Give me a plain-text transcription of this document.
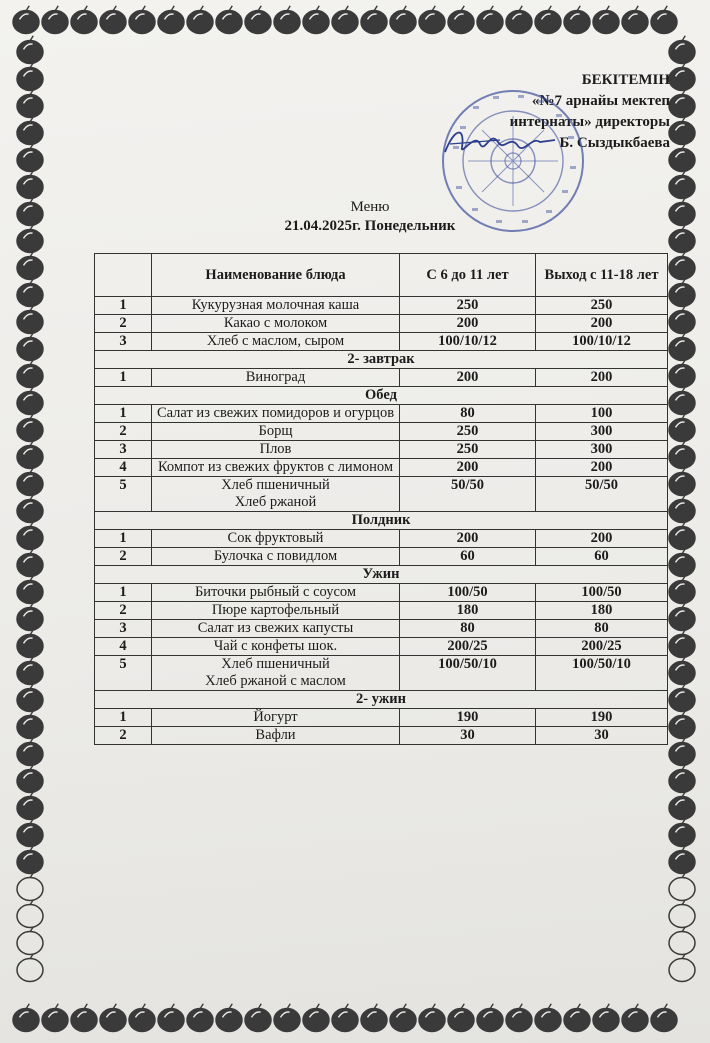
БЕКІТЕМІН
«№7 арнайы мектеп
интернаты» директоры
Б. Сыздыкбаева
Меню
21.04.2025г. Понедельник
	Наименование блюда	С 6 до 11 лет	Выход с 11-18 лет
1	Кукурузная молочная каша	250	250
2	Какао с молоком	200	200
3	Хлеб с маслом, сыром	100/10/12	100/10/12
2- завтрак			
1	Виноград	200	200
Обед			
1	Салат из свежих помидоров и огурцов	80	100
2	Борщ	250	300
3	Плов	250	300
4	Компот из свежих фруктов с лимоном	200	200
5	Хлеб пшеничный
Хлеб ржаной	50/50	50/50
Полдник			
1	Сок фруктовый	200	200
2	Булочка с повидлом	60	60
Ужин			
1	Биточки рыбный с соусом	100/50	100/50
2	Пюре картофельный	180	180
3	Салат из свежих капусты	80	80
4	Чай с конфеты шок.	200/25	200/25
5	Хлеб пшеничный
Хлеб ржаной с маслом	100/50/10	100/50/10
2- ужин			
1	Йогурт	190	190
2	Вафли	30	30
